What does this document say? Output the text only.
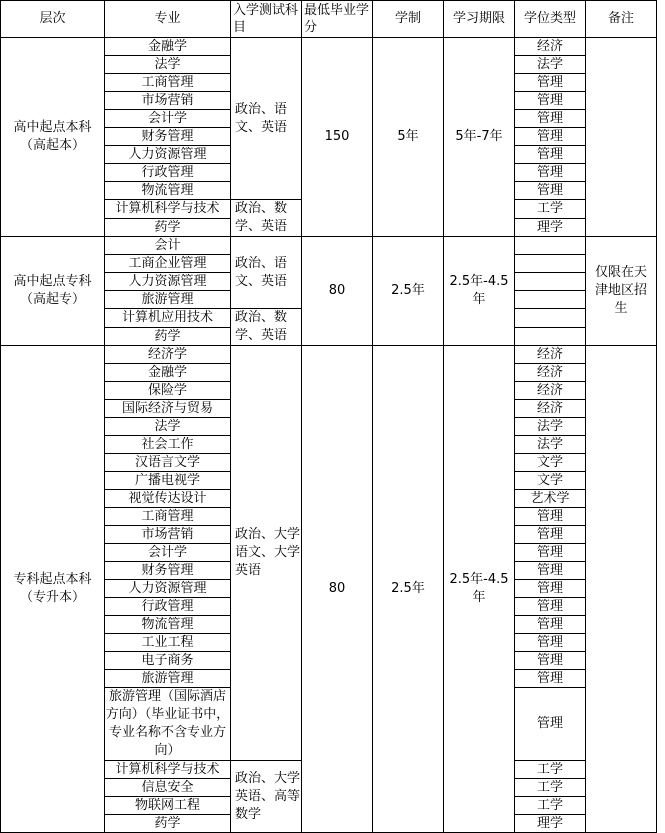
层次	专业	入学测试科目	最低毕业学分	学制	学习期限	学位类型	备注
高中起点本科（高起本）	金融学	政治、语文、英语	150	5年	5年-7年	经济	
	法学					法学	
	工商管理					管理	
	市场营销					管理	
	会计学					管理	
	财务管理					管理	
	人力资源管理					管理	
	行政管理					管理	
	物流管理					管理	
	计算机科学与技术	政治、数学、英语				工学	
	药学					理学	
高中起点专科（高起专）	会计	政治、语文、英语	80	2.5年	2.5年-4.5年		仅限在天津地区招生
	工商企业管理						
	人力资源管理						
	旅游管理						
	计算机应用技术	政治、数学、英语					
	药学						
专科起点本科（专升本）	经济学	政治、大学语文、大学英语	80	2.5年	2.5年-4.5年	经济	
	金融学					经济	
	保险学					经济	
	国际经济与贸易					经济	
	法学					法学	
	社会工作					法学	
	汉语言文学					文学	
	广播电视学					文学	
	视觉传达设计					艺术学	
	工商管理					管理	
	市场营销					管理	
	会计学					管理	
	财务管理					管理	
	人力资源管理					管理	
	行政管理					管理	
	物流管理					管理	
	工业工程					管理	
	电子商务					管理	
	旅游管理					管理	
	旅游管理（国际酒店方向）（毕业证书中，专业名称不含专业方向）					管理	
	计算机科学与技术	政治、大学英语、高等数学				工学	
	信息安全					工学	
	物联网工程					工学	
	药学					理学	
